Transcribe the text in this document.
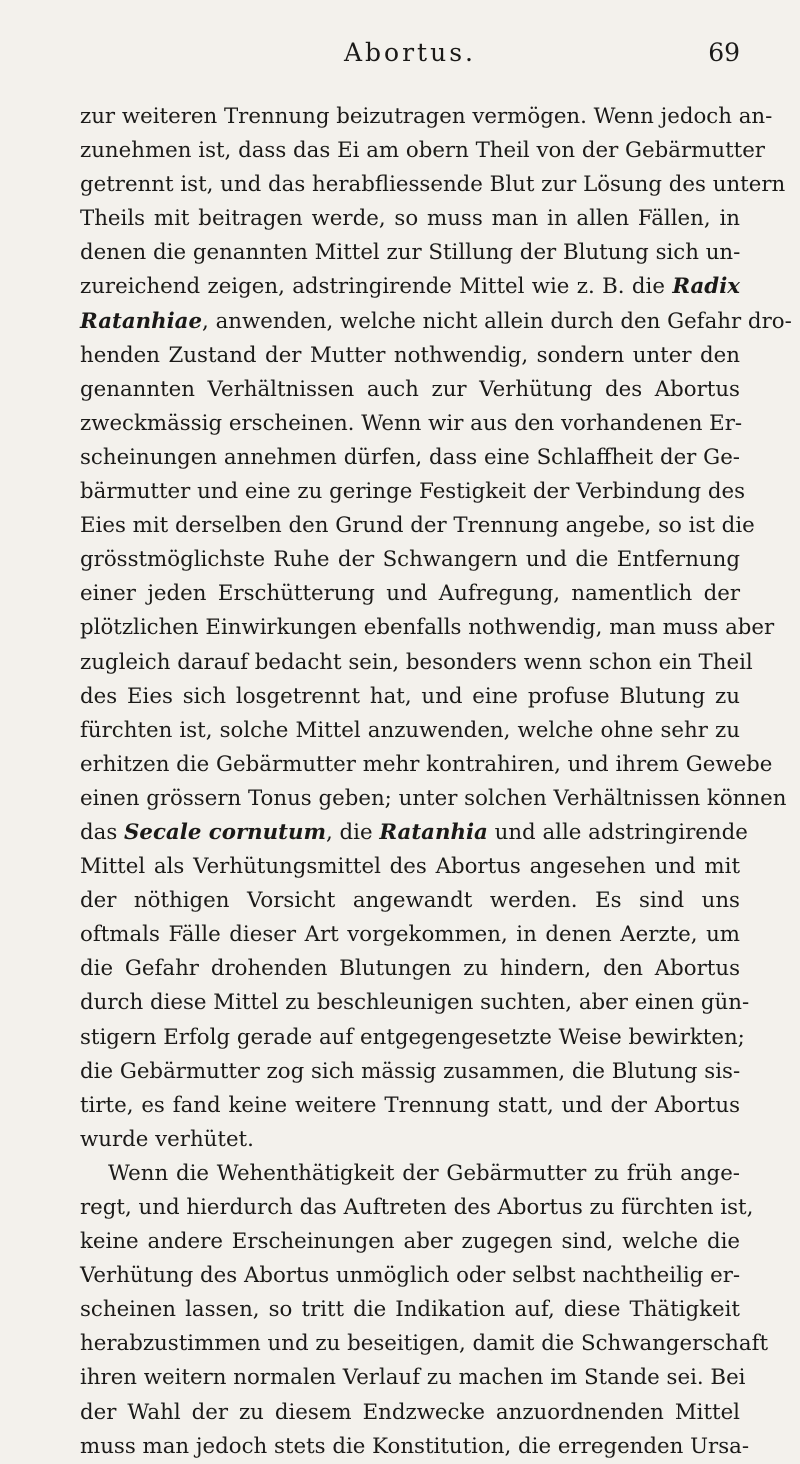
Abortus.	69
zur weiteren Trennung beizutragen vermögen. Wenn jedoch an-
zunehmen ist, dass das Ei am obern Theil von der Gebärmutter
getrennt ist, und das herabfliessende Blut zur Lösung des untern
Theils mit beitragen werde, so muss man in allen Fällen, in
denen die genannten Mittel zur Stillung der Blutung sich un-
zureichend zeigen, adstringirende Mittel wie z. B. die Radix
Ratanhiae, anwenden, welche nicht allein durch den Gefahr dro-
henden Zustand der Mutter nothwendig, sondern unter den
genannten Verhältnissen auch zur Verhütung des Abortus
zweckmässig erscheinen. Wenn wir aus den vorhandenen Er-
scheinungen annehmen dürfen, dass eine Schlaffheit der Ge-
bärmutter und eine zu geringe Festigkeit der Verbindung des
Eies mit derselben den Grund der Trennung angebe, so ist die
grösstmöglichste Ruhe der Schwangern und die Entfernung
einer jeden Erschütterung und Aufregung, namentlich der
plötzlichen Einwirkungen ebenfalls nothwendig, man muss aber
zugleich darauf bedacht sein, besonders wenn schon ein Theil
des Eies sich losgetrennt hat, und eine profuse Blutung zu
fürchten ist, solche Mittel anzuwenden, welche ohne sehr zu
erhitzen die Gebärmutter mehr kontrahiren, und ihrem Gewebe
einen grössern Tonus geben; unter solchen Verhältnissen können
das Secale cornutum, die Ratanhia und alle adstringirende
Mittel als Verhütungsmittel des Abortus angesehen und mit
der nöthigen Vorsicht angewandt werden. Es sind uns
oftmals Fälle dieser Art vorgekommen, in denen Aerzte, um
die Gefahr drohenden Blutungen zu hindern, den Abortus
durch diese Mittel zu beschleunigen suchten, aber einen gün-
stigern Erfolg gerade auf entgegengesetzte Weise bewirkten;
die Gebärmutter zog sich mässig zusammen, die Blutung sis-
tirte, es fand keine weitere Trennung statt, und der Abortus
wurde verhütet.
Wenn die Wehenthätigkeit der Gebärmutter zu früh ange-
regt, und hierdurch das Auftreten des Abortus zu fürchten ist,
keine andere Erscheinungen aber zugegen sind, welche die
Verhütung des Abortus unmöglich oder selbst nachtheilig er-
scheinen lassen, so tritt die Indikation auf, diese Thätigkeit
herabzustimmen und zu beseitigen, damit die Schwangerschaft
ihren weitern normalen Verlauf zu machen im Stande sei. Bei
der Wahl der zu diesem Endzwecke anzuordnenden Mittel
muss man jedoch stets die Konstitution, die erregenden Ursa-
